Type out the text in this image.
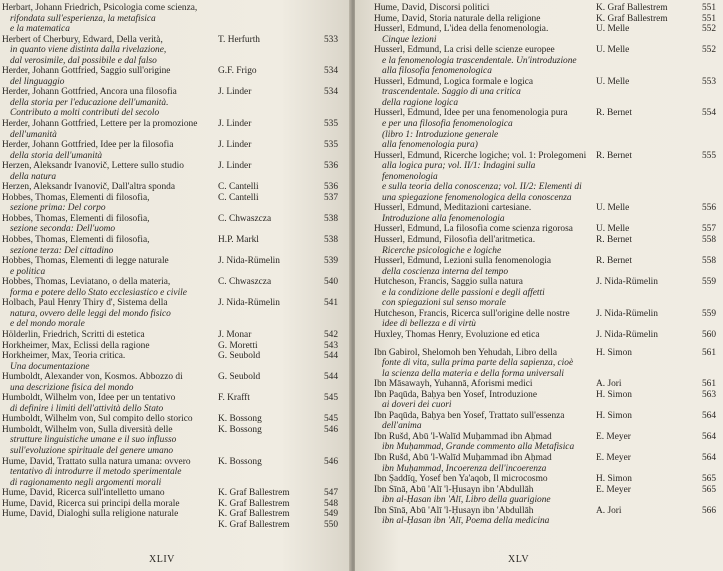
Herbart, Johann Friedrich, Psicologia come scienza,
rifondata sull'esperienza, la metafisica
e la matematica
Herbert of Cherbury, Edward, Della verità,
in quanto viene distinta dalla rivelazione,
dal verosimile, dal possibile e dal falso
T. Herfurth	533
Herder, Johann Gottfried, Saggio sull'origine
del linguaggio
G.F. Frigo	534
Herder, Johann Gottfried, Ancora una filosofia
della storia per l'educazione dell'umanità.
Contributo a molti contributi del secolo
J. Linder	534
Herder, Johann Gottfried, Lettere per la promozione
dell'umanità
J. Linder	535
Herder, Johann Gottfried, Idee per la filosofia
della storia dell'umanità
J. Linder	535
Herzen, Aleksandr Ivanovič, Lettere sullo studio
della natura
J. Linder	536
Herzen, Aleksandr Ivanovič, Dall'altra sponda	C. Cantelli	536
Hobbes, Thomas, Elementi di filosofia,
sezione prima: Del corpo
C. Cantelli	537
Hobbes, Thomas, Elementi di filosofia,
sezione seconda: Dell'uomo
C. Chwaszcza	538
Hobbes, Thomas, Elementi di filosofia,
sezione terza: Del cittadino
H.P. Markl	538
Hobbes, Thomas, Elementi di legge naturale
e politica
J. Nida-Rümelin	539
Hobbes, Thomas, Leviatano, o della materia,
forma e potere dello Stato ecclesiastico e civile
C. Chwaszcza	540
Holbach, Paul Henry Thiry d', Sistema della
natura, ovvero delle leggi del mondo fisico
e del mondo morale
J. Nida-Rümelin	541
Hölderlin, Friedrich, Scritti di estetica	J. Monar	542
Horkheimer, Max, Eclissi della ragione	G. Moretti	543
Horkheimer, Max, Teoria critica.
Una documentazione
G. Seubold	544
Humboldt, Alexander von, Kosmos. Abbozzo di
una descrizione fisica del mondo
G. Seubold	544
Humboldt, Wilhelm von, Idee per un tentativo
di definire i limiti dell'attività dello Stato
F. Krafft	545
Humboldt, Wilhelm von, Sul compito dello storico	K. Bossong	545
Humboldt, Wilhelm von, Sulla diversità delle
strutture linguistiche umane e il suo influsso
sull'evoluzione spirituale del genere umano
K. Bossong	546
Hume, David, Trattato sulla natura umana: ovvero
tentativo di introdurre il metodo sperimentale
di ragionamento negli argomenti morali
K. Bossong	546
Hume, David, Ricerca sull'intelletto umano	K. Graf Ballestrem	547
Hume, David, Ricerca sui principi della morale	K. Graf Ballestrem	548
Hume, David, Dialoghi sulla religione naturale	K. Graf Ballestrem	549
K. Graf Ballestrem	550
XLIV
Hume, David, Discorsi politici	K. Graf Ballestrem	551
Hume, David, Storia naturale della religione	K. Graf Ballestrem	551
Husserl, Edmund, L'idea della fenomenologia.
Cinque lezioni
U. Melle	552
Husserl, Edmund, La crisi delle scienze europee
e la fenomenologia trascendentale. Un'introduzione
alla filosofia fenomenologica
U. Melle	552
Husserl, Edmund, Logica formale e logica
trascendentale. Saggio di una critica
della ragione logica
U. Melle	553
Husserl, Edmund, Idee per una fenomenologia pura
e per una filosofia fenomenologica
(libro 1: Introduzione generale
alla fenomenologia pura)
R. Bernet	554
Husserl, Edmund, Ricerche logiche; vol. 1: Prolegomeni
alla logica pura; vol. II/1: Indagini sulla fenomenologia
e sulla teoria della conoscenza; vol. II/2: Elementi di
una spiegazione fenomenologica della conoscenza
R. Bernet	555
Husserl, Edmund, Meditazioni cartesiane.
Introduzione alla fenomenologia
U. Melle	556
Husserl, Edmund, La filosofia come scienza rigorosa	U. Melle	557
Husserl, Edmund, Filosofia dell'aritmetica.
Ricerche psicologiche e logiche
R. Bernet	558
Husserl, Edmund, Lezioni sulla fenomenologia
della coscienza interna del tempo
R. Bernet	558
Hutcheson, Francis, Saggio sulla natura
e la condizione delle passioni e degli affetti
con spiegazioni sul senso morale
J. Nida-Rümelin	559
Hutcheson, Francis, Ricerca sull'origine delle nostre
idee di bellezza e di virtù
J. Nida-Rümelin	559
Huxley, Thomas Henry, Evoluzione ed etica	J. Nida-Rümelin	560
Ibn Gabirol, Shelomoh ben Yehudah, Libro della
fonte di vita, sulla prima parte della sapienza, cioè
la scienza della materia e della forma universali
H. Simon	561
Ibn Māsawayh, Yuhannā, Aforismi medici	A. Jori	561
Ibn Paqūda, Baḥya ben Yosef, Introduzione
ai doveri dei cuori
H. Simon	563
Ibn Paqūda, Baḥya ben Yosef, Trattato sull'essenza
dell'anima
H. Simon	564
Ibn Rušd, Abū 'l-Walīd Muḥammad ibn Aḥmad
ibn Muḥammad, Grande commento alla Metafisica
E. Meyer	564
Ibn Rušd, Abū 'l-Walīd Muḥammad ibn Aḥmad
ibn Muḥammad, Incoerenza dell'incoerenza
E. Meyer	564
Ibn Ṣaddīq, Yosef ben Ya'aqob, Il microcosmo	H. Simon	565
Ibn Sīnā, Abū 'Alī 'l-Ḥusayn ibn 'Abdullāh
ibn al-Ḥasan ibn 'Alī, Libro della guarigione
E. Meyer	565
Ibn Sīnā, Abū 'Alī 'l-Ḥusayn ibn 'Abdullāh
ibn al-Ḥasan ibn 'Alī, Poema della medicina
A. Jori	566
XLV
